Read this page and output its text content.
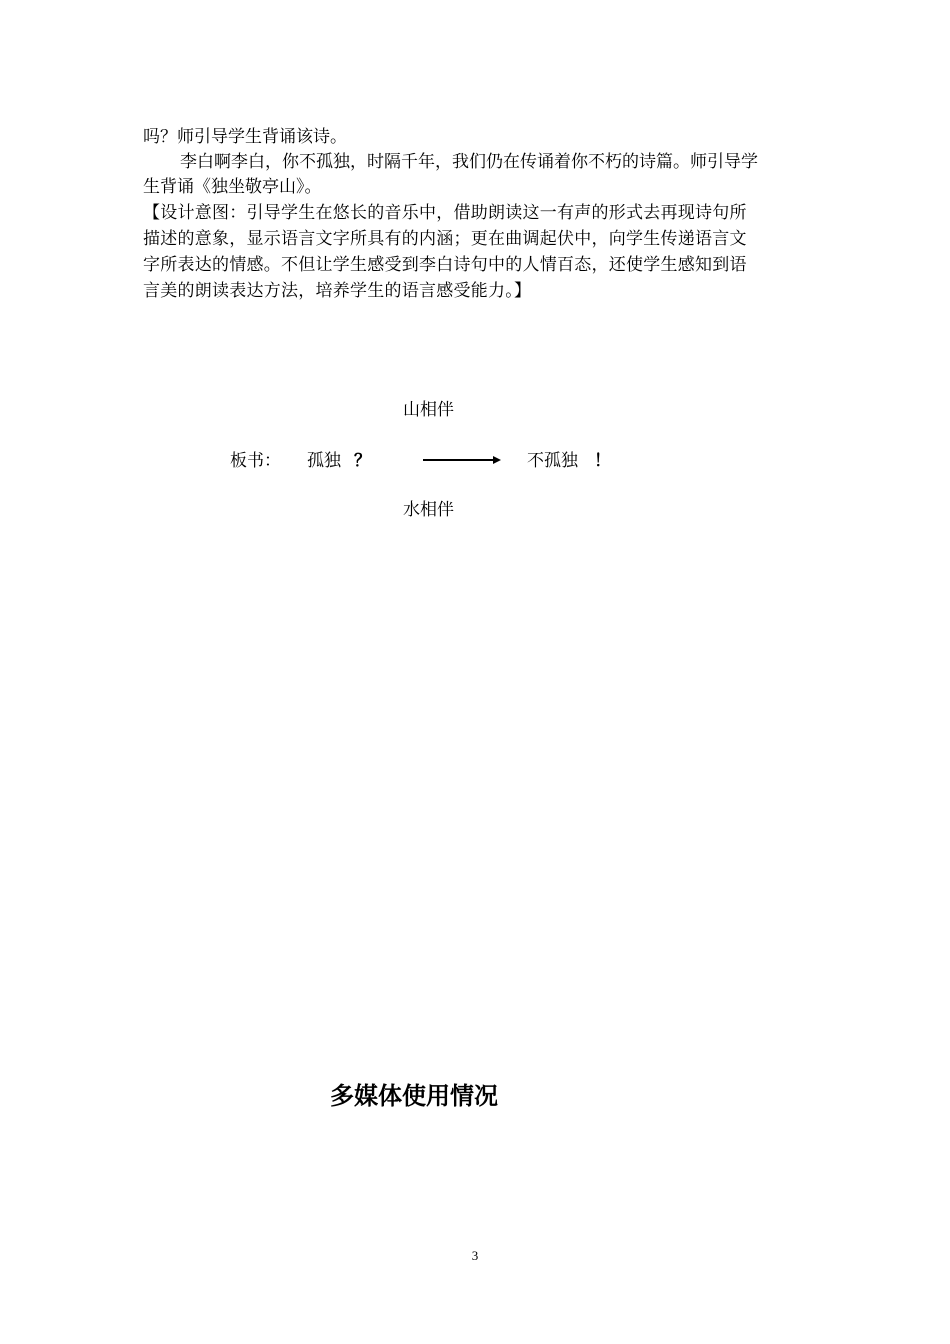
吗？师引导学生背诵该诗。
李白啊李白，你不孤独，时隔千年，我们仍在传诵着你不朽的诗篇。师引导学
生背诵《独坐敬亭山》。
【设计意图：引导学生在悠长的音乐中，借助朗读这一有声的形式去再现诗句所
描述的意象，显示语言文字所具有的内涵；更在曲调起伏中，向学生传递语言文
字所表达的情感。不但让学生感受到李白诗句中的人情百态，还使学生感知到语
言美的朗读表达方法，培养学生的语言感受能力。】
山相伴
板书： 孤独 ？	不孤独 ！
水相伴
多媒体使用情况
3
